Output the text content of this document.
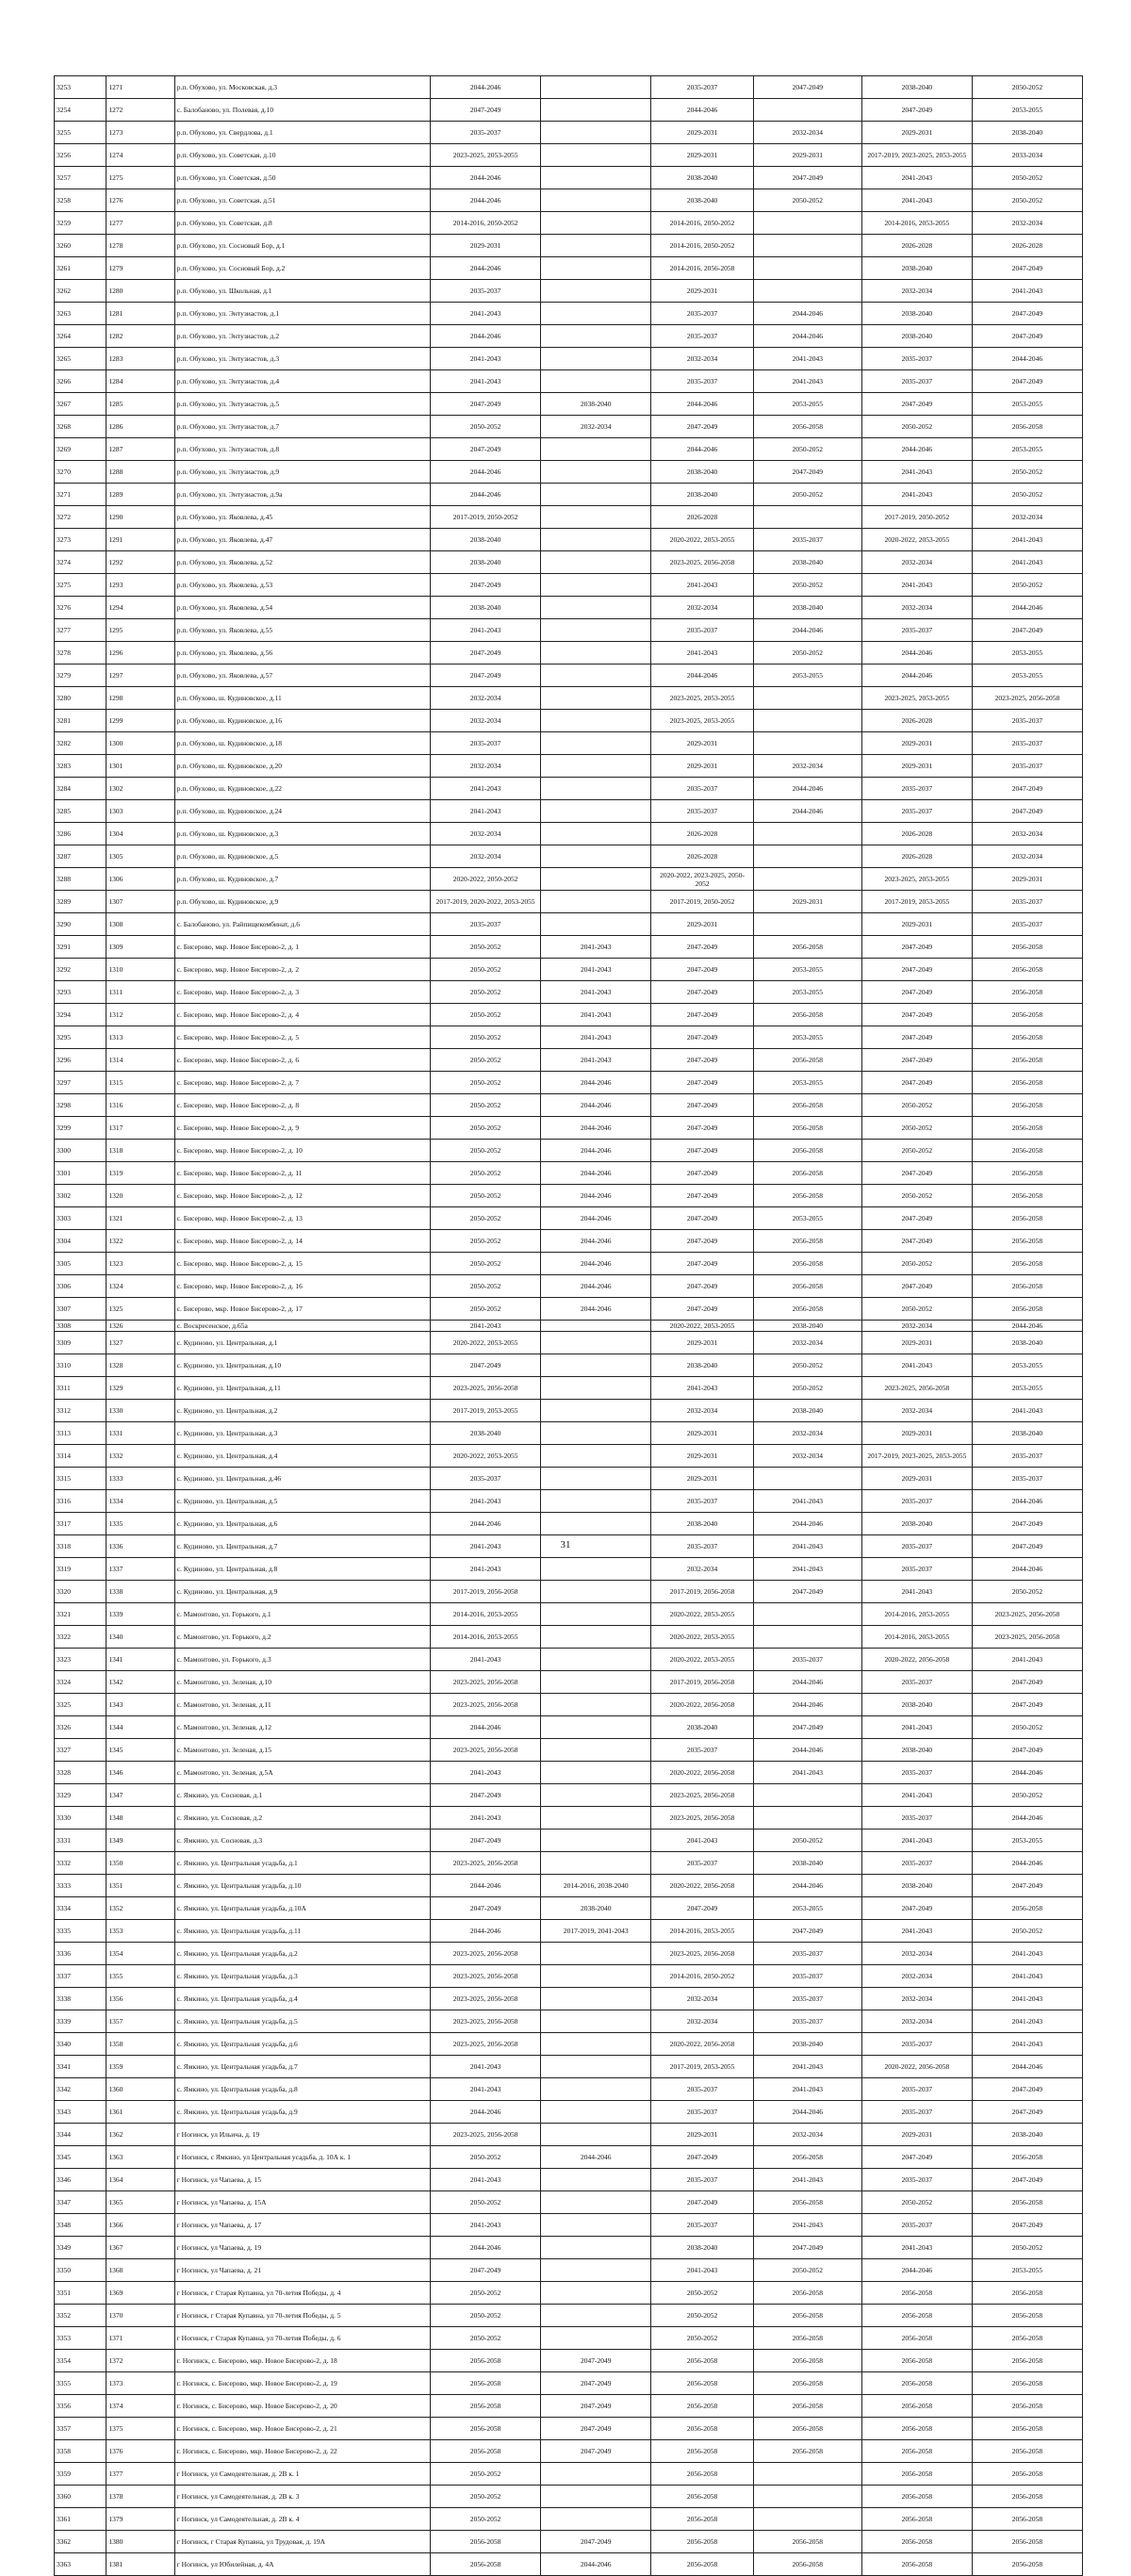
3253	1271	р.п. Обухово, ул. Московская, д.3	2044-2046		2035-2037	2047-2049	2038-2040	2050-2052
3254	1272	с. Балобаново, ул. Полевая, д.10	2047-2049		2044-2046		2047-2049	2053-2055
3255	1273	р.п. Обухово, ул. Свердлова, д.1	2035-2037		2029-2031	2032-2034	2029-2031	2038-2040
3256	1274	р.п. Обухово, ул. Советская, д.10	2023-2025, 2053-2055		2029-2031	2029-2031	2017-2019, 2023-2025, 2053-2055	2033-2034
3257	1275	р.п. Обухово, ул. Советская, д.50	2044-2046		2038-2040	2047-2049	2041-2043	2050-2052
3258	1276	р.п. Обухово, ул. Советская, д.51	2044-2046		2038-2040	2050-2052	2041-2043	2050-2052
3259	1277	р.п. Обухово, ул. Советская, д.8	2014-2016, 2050-2052		2014-2016, 2050-2052		2014-2016, 2053-2055	2032-2034
3260	1278	р.п. Обухово, ул. Сосновый Бор, д.1	2029-2031		2014-2016, 2050-2052		2026-2028	2026-2028
3261	1279	р.п. Обухово, ул. Сосновый Бор, д.2	2044-2046		2014-2016, 2056-2058		2038-2040	2047-2049
3262	1280	р.п. Обухово, ул. Школьная, д.1	2035-2037		2029-2031		2032-2034	2041-2043
3263	1281	р.п. Обухово, ул. Энтузиастов, д.1	2041-2043		2035-2037	2044-2046	2038-2040	2047-2049
3264	1282	р.п. Обухово, ул. Энтузиастов, д.2	2044-2046		2035-2037	2044-2046	2038-2040	2047-2049
3265	1283	р.п. Обухово, ул. Энтузиастов, д.3	2041-2043		2032-2034	2041-2043	2035-2037	2044-2046
3266	1284	р.п. Обухово, ул. Энтузиастов, д.4	2041-2043		2035-2037	2041-2043	2035-2037	2047-2049
3267	1285	р.п. Обухово, ул. Энтузиастов, д.5	2047-2049	2038-2040	2044-2046	2053-2055	2047-2049	2053-2055
3268	1286	р.п. Обухово, ул. Энтузиастов, д.7	2050-2052	2032-2034	2047-2049	2056-2058	2050-2052	2056-2058
3269	1287	р.п. Обухово, ул. Энтузиастов, д.8	2047-2049		2044-2046	2050-2052	2044-2046	2053-2055
3270	1288	р.п. Обухово, ул. Энтузиастов, д.9	2044-2046		2038-2040	2047-2049	2041-2043	2050-2052
3271	1289	р.п. Обухово, ул. Энтузиастов, д.9а	2044-2046		2038-2040	2050-2052	2041-2043	2050-2052
3272	1290	р.п. Обухово, ул. Яковлева, д.45	2017-2019, 2050-2052		2026-2028		2017-2019, 2050-2052	2032-2034
3273	1291	р.п. Обухово, ул. Яковлева, д.47	2038-2040		2020-2022, 2053-2055	2035-2037	2020-2022, 2053-2055	2041-2043
3274	1292	р.п. Обухово, ул. Яковлева, д.52	2038-2040		2023-2025, 2056-2058	2038-2040	2032-2034	2041-2043
3275	1293	р.п. Обухово, ул. Яковлева, д.53	2047-2049		2041-2043	2050-2052	2041-2043	2050-2052
3276	1294	р.п. Обухово, ул. Яковлева, д.54	2038-2040		2032-2034	2038-2040	2032-2034	2044-2046
3277	1295	р.п. Обухово, ул. Яковлева, д.55	2041-2043		2035-2037	2044-2046	2035-2037	2047-2049
3278	1296	р.п. Обухово, ул. Яковлева, д.56	2047-2049		2041-2043	2050-2052	2044-2046	2053-2055
3279	1297	р.п. Обухово, ул. Яковлева, д.57	2047-2049		2044-2046	2053-2055	2044-2046	2053-2055
3280	1298	р.п. Обухово, ш. Кудиновское, д.11	2032-2034		2023-2025, 2053-2055		2023-2025, 2053-2055	2023-2025, 2056-2058
3281	1299	р.п. Обухово, ш. Кудиновское, д.16	2032-2034		2023-2025, 2053-2055		2026-2028	2035-2037
3282	1300	р.п. Обухово, ш. Кудиновское, д.18	2035-2037		2029-2031		2029-2031	2035-2037
3283	1301	р.п. Обухово, ш. Кудиновское, д.20	2032-2034		2029-2031	2032-2034	2029-2031	2035-2037
3284	1302	р.п. Обухово, ш. Кудиновское, д.22	2041-2043		2035-2037	2044-2046	2035-2037	2047-2049
3285	1303	р.п. Обухово, ш. Кудиновское, д.24	2041-2043		2035-2037	2044-2046	2035-2037	2047-2049
3286	1304	р.п. Обухово, ш. Кудиновское, д.3	2032-2034		2026-2028		2026-2028	2032-2034
3287	1305	р.п. Обухово, ш. Кудиновское, д.5	2032-2034		2026-2028		2026-2028	2032-2034
3288	1306	р.п. Обухово, ш. Кудиновское, д.7	2020-2022, 2050-2052		2020-2022, 2023-2025, 2050-2052		2023-2025, 2053-2055	2029-2031
3289	1307	р.п. Обухово, ш. Кудиновское, д.9	2017-2019, 2020-2022, 2053-2055		2017-2019, 2050-2052	2029-2031	2017-2019, 2053-2055	2035-2037
3290	1308	с. Балобаново, ул. Райпищекомбинат, д.6	2035-2037		2029-2031		2029-2031	2035-2037
3291	1309	с. Бисерово, мкр. Новое Бисерово-2, д. 1	2050-2052	2041-2043	2047-2049	2056-2058	2047-2049	2056-2058
3292	1310	с. Бисерово, мкр. Новое Бисерово-2, д. 2	2050-2052	2041-2043	2047-2049	2053-2055	2047-2049	2056-2058
3293	1311	с. Бисерово, мкр. Новое Бисерово-2, д. 3	2050-2052	2041-2043	2047-2049	2053-2055	2047-2049	2056-2058
3294	1312	с. Бисерово, мкр. Новое Бисерово-2, д. 4	2050-2052	2041-2043	2047-2049	2056-2058	2047-2049	2056-2058
3295	1313	с. Бисерово, мкр. Новое Бисерово-2, д. 5	2050-2052	2041-2043	2047-2049	2053-2055	2047-2049	2056-2058
3296	1314	с. Бисерово, мкр. Новое Бисерово-2, д. 6	2050-2052	2041-2043	2047-2049	2056-2058	2047-2049	2056-2058
3297	1315	с. Бисерово, мкр. Новое Бисерово-2, д. 7	2050-2052	2044-2046	2047-2049	2053-2055	2047-2049	2056-2058
3298	1316	с. Бисерово, мкр. Новое Бисерово-2, д. 8	2050-2052	2044-2046	2047-2049	2056-2058	2050-2052	2056-2058
3299	1317	с. Бисерово, мкр. Новое Бисерово-2, д. 9	2050-2052	2044-2046	2047-2049	2056-2058	2050-2052	2056-2058
3300	1318	с. Бисерово, мкр. Новое Бисерово-2, д. 10	2050-2052	2044-2046	2047-2049	2056-2058	2050-2052	2056-2058
3301	1319	с. Бисерово, мкр. Новое Бисерово-2, д. 11	2050-2052	2044-2046	2047-2049	2056-2058	2047-2049	2056-2058
3302	1320	с. Бисерово, мкр. Новое Бисерово-2, д. 12	2050-2052	2044-2046	2047-2049	2056-2058	2050-2052	2056-2058
3303	1321	с. Бисерово, мкр. Новое Бисерово-2, д. 13	2050-2052	2044-2046	2047-2049	2053-2055	2047-2049	2056-2058
3304	1322	с. Бисерово, мкр. Новое Бисерово-2, д. 14	2050-2052	2044-2046	2047-2049	2056-2058	2047-2049	2056-2058
3305	1323	с. Бисерово, мкр. Новое Бисерово-2, д. 15	2050-2052	2044-2046	2047-2049	2056-2058	2050-2052	2056-2058
3306	1324	с. Бисерово, мкр. Новое Бисерово-2, д. 16	2050-2052	2044-2046	2047-2049	2056-2058	2047-2049	2056-2058
3307	1325	с. Бисерово, мкр. Новое Бисерово-2, д. 17	2050-2052	2044-2046	2047-2049	2056-2058	2050-2052	2056-2058
3308	1326	с. Воскресенское, д.65а	2041-2043		2020-2022, 2053-2055	2038-2040	2032-2034	2044-2046
3309	1327	с. Кудиново, ул. Центральная, д.1	2020-2022, 2053-2055		2029-2031	2032-2034	2029-2031	2038-2040
3310	1328	с. Кудиново, ул. Центральная, д.10	2047-2049		2038-2040	2050-2052	2041-2043	2053-2055
3311	1329	с. Кудиново, ул. Центральная, д.11	2023-2025, 2056-2058		2041-2043	2050-2052	2023-2025, 2056-2058	2053-2055
3312	1330	с. Кудиново, ул. Центральная, д.2	2017-2019, 2053-2055		2032-2034	2038-2040	2032-2034	2041-2043
3313	1331	с. Кудиново, ул. Центральная, д.3	2038-2040		2029-2031	2032-2034	2029-2031	2038-2040
3314	1332	с. Кудиново, ул. Центральная, д.4	2020-2022, 2053-2055		2029-2031	2032-2034	2017-2019, 2023-2025, 2053-2055	2035-2037
3315	1333	с. Кудиново, ул. Центральная, д.46	2035-2037		2029-2031		2029-2031	2035-2037
3316	1334	с. Кудиново, ул. Центральная, д.5	2041-2043		2035-2037	2041-2043	2035-2037	2044-2046
3317	1335	с. Кудиново, ул. Центральная, д.6	2044-2046		2038-2040	2044-2046	2038-2040	2047-2049
3318	1336	с. Кудиново, ул. Центральная, д.7	2041-2043		2035-2037	2041-2043	2035-2037	2047-2049
3319	1337	с. Кудиново, ул. Центральная, д.8	2041-2043		2032-2034	2041-2043	2035-2037	2044-2046
3320	1338	с. Кудиново, ул. Центральная, д.9	2017-2019, 2056-2058		2017-2019, 2056-2058	2047-2049	2041-2043	2050-2052
3321	1339	с. Мамонтово, ул. Горького, д.1	2014-2016, 2053-2055		2020-2022, 2053-2055		2014-2016, 2053-2055	2023-2025, 2056-2058
3322	1340	с. Мамонтово, ул. Горького, д.2	2014-2016, 2053-2055		2020-2022, 2053-2055		2014-2016, 2053-2055	2023-2025, 2056-2058
3323	1341	с. Мамонтово, ул. Горького, д.3	2041-2043		2020-2022, 2053-2055	2035-2037	2020-2022, 2056-2058	2041-2043
3324	1342	с. Мамонтово, ул. Зеленая, д.10	2023-2025, 2056-2058		2017-2019, 2056-2058	2044-2046	2035-2037	2047-2049
3325	1343	с. Мамонтово, ул. Зеленая, д.11	2023-2025, 2056-2058		2020-2022, 2056-2058	2044-2046	2038-2040	2047-2049
3326	1344	с. Мамонтово, ул. Зеленая, д.12	2044-2046		2038-2040	2047-2049	2041-2043	2050-2052
3327	1345	с. Мамонтово, ул. Зеленая, д.15	2023-2025, 2056-2058		2035-2037	2044-2046	2038-2040	2047-2049
3328	1346	с. Мамонтово, ул. Зеленая, д.5А	2041-2043		2020-2022, 2056-2058	2041-2043	2035-2037	2044-2046
3329	1347	с. Ямкино, ул. Сосновая, д.1	2047-2049		2023-2025, 2056-2058		2041-2043	2050-2052
3330	1348	с. Ямкино, ул. Сосновая, д.2	2041-2043		2023-2025, 2056-2058		2035-2037	2044-2046
3331	1349	с. Ямкино, ул. Сосновая, д.3	2047-2049		2041-2043	2050-2052	2041-2043	2053-2055
3332	1350	с. Ямкино, ул. Центральная усадьба, д.1	2023-2025, 2056-2058		2035-2037	2038-2040	2035-2037	2044-2046
3333	1351	с. Ямкино, ул. Центральная усадьба, д.10	2044-2046	2014-2016, 2038-2040	2020-2022, 2056-2058	2044-2046	2038-2040	2047-2049
3334	1352	с. Ямкино, ул. Центральная усадьба, д.10А	2047-2049	2038-2040	2047-2049	2053-2055	2047-2049	2056-2058
3335	1353	с. Ямкино, ул. Центральная усадьба, д.11	2044-2046	2017-2019, 2041-2043	2014-2016, 2053-2055	2047-2049	2041-2043	2050-2052
3336	1354	с. Ямкино, ул. Центральная усадьба, д.2	2023-2025, 2056-2058		2023-2025, 2056-2058	2035-2037	2032-2034	2041-2043
3337	1355	с. Ямкино, ул. Центральная усадьба, д.3	2023-2025, 2056-2058		2014-2016, 2050-2052	2035-2037	2032-2034	2041-2043
3338	1356	с. Ямкино, ул. Центральная усадьба, д.4	2023-2025, 2056-2058		2032-2034	2035-2037	2032-2034	2041-2043
3339	1357	с. Ямкино, ул. Центральная усадьба, д.5	2023-2025, 2056-2058		2032-2034	2035-2037	2032-2034	2041-2043
3340	1358	с. Ямкино, ул. Центральная усадьба, д.6	2023-2025, 2056-2058		2020-2022, 2056-2058	2038-2040	2035-2037	2041-2043
3341	1359	с. Ямкино, ул. Центральная усадьба, д.7	2041-2043		2017-2019, 2053-2055	2041-2043	2020-2022, 2056-2058	2044-2046
3342	1360	с. Ямкино, ул. Центральная усадьба, д.8	2041-2043		2035-2037	2041-2043	2035-2037	2047-2049
3343	1361	с. Ямкино, ул. Центральная усадьба, д.9	2044-2046		2035-2037	2044-2046	2035-2037	2047-2049
3344	1362	г Ногинск, ул Ильича, д. 19	2023-2025, 2056-2058		2029-2031	2032-2034	2029-2031	2038-2040
3345	1363	г Ногинск, с Ямкино, ул Центральная усадьба, д. 10А к. 1	2050-2052	2044-2046	2047-2049	2056-2058	2047-2049	2056-2058
3346	1364	г Ногинск, ул Чапаева, д. 15	2041-2043		2035-2037	2041-2043	2035-2037	2047-2049
3347	1365	г Ногинск, ул Чапаева, д. 15А	2050-2052		2047-2049	2056-2058	2050-2052	2056-2058
3348	1366	г Ногинск, ул Чапаева, д. 17	2041-2043		2035-2037	2041-2043	2035-2037	2047-2049
3349	1367	г Ногинск, ул Чапаева, д. 19	2044-2046		2038-2040	2047-2049	2041-2043	2050-2052
3350	1368	г Ногинск, ул Чапаева, д. 21	2047-2049		2041-2043	2050-2052	2044-2046	2053-2055
3351	1369	г Ногинск, г Старая Купавна, ул 70-летия Победы, д. 4	2050-2052		2050-2052	2056-2058	2056-2058	2056-2058
3352	1370	г Ногинск, г Старая Купавна, ул 70-летия Победы, д. 5	2050-2052		2050-2052	2056-2058	2056-2058	2056-2058
3353	1371	г Ногинск, г Старая Купавна, ул 70-летия Победы, д. 6	2050-2052		2050-2052	2056-2058	2056-2058	2056-2058
3354	1372	г. Ногинск, с. Бисерово, мкр. Новое Бисерово-2, д. 18	2056-2058	2047-2049	2056-2058	2056-2058	2056-2058	2056-2058
3355	1373	г. Ногинск, с. Бисерово, мкр. Новое Бисерово-2, д. 19	2056-2058	2047-2049	2056-2058	2056-2058	2056-2058	2056-2058
3356	1374	г. Ногинск, с. Бисерово, мкр. Новое Бисерово-2, д. 20	2056-2058	2047-2049	2056-2058	2056-2058	2056-2058	2056-2058
3357	1375	г. Ногинск, с. Бисерово, мкр. Новое Бисерово-2, д. 21	2056-2058	2047-2049	2056-2058	2056-2058	2056-2058	2056-2058
3358	1376	г. Ногинск, с. Бисерово, мкр. Новое Бисерово-2, д. 22	2056-2058	2047-2049	2056-2058	2056-2058	2056-2058	2056-2058
3359	1377	г Ногинск, ул Самодеятельная, д. 2В к. 1	2050-2052		2056-2058		2056-2058	2056-2058
3360	1378	г Ногинск, ул Самодеятельная, д. 2В к. 3	2050-2052		2056-2058		2056-2058	2056-2058
3361	1379	г Ногинск, ул Самодеятельная, д. 2В к. 4	2050-2052		2056-2058		2056-2058	2056-2058
3362	1380	г Ногинск, г Старая Купавна, ул Трудовая, д. 19А	2056-2058	2047-2049	2056-2058	2056-2058	2056-2058	2056-2058
3363	1381	г Ногинск, ул Юбилейная, д. 4А	2056-2058	2044-2046	2056-2058	2056-2058	2056-2058	2056-2058
31
